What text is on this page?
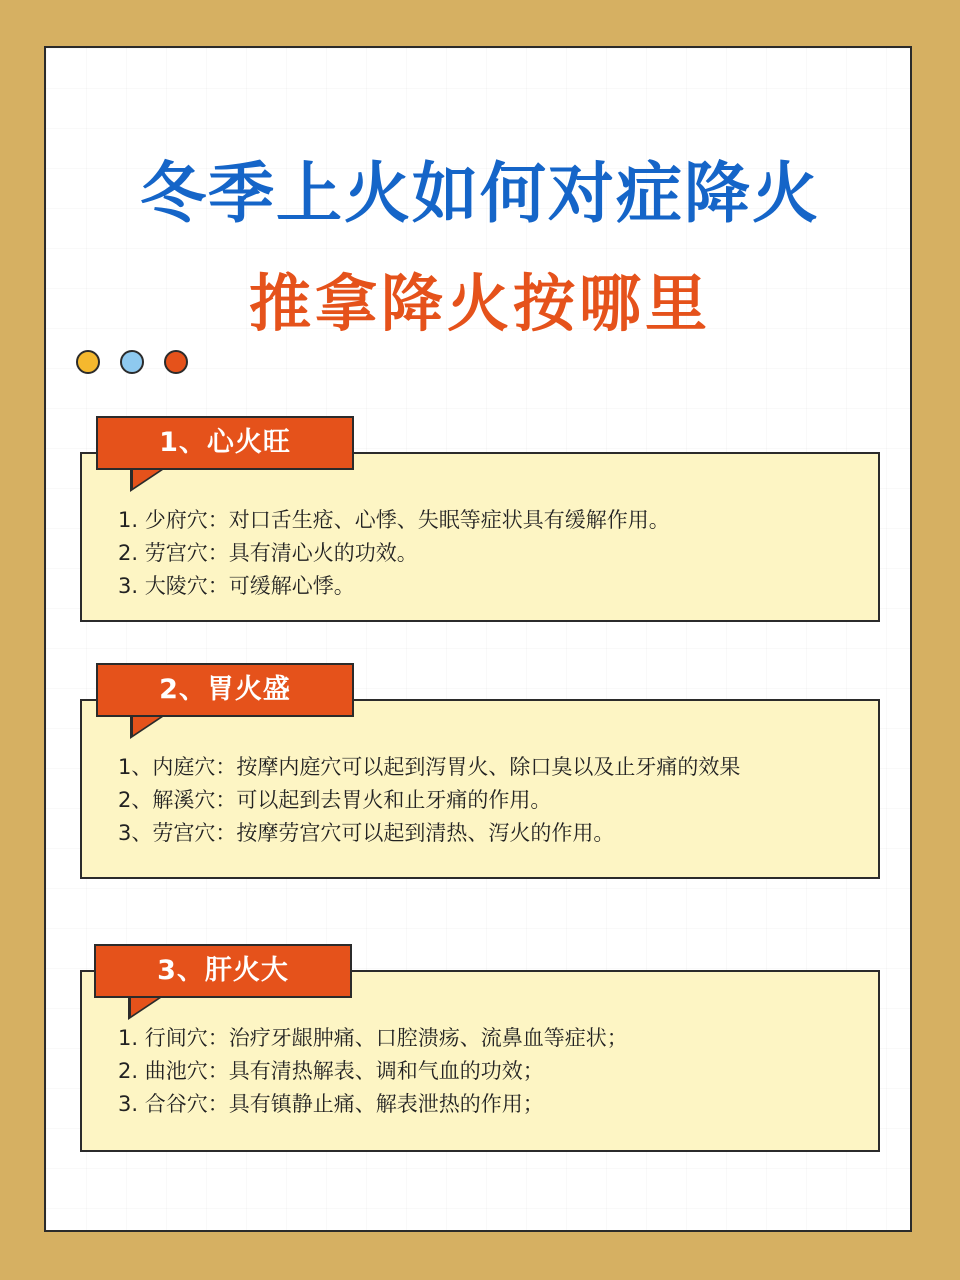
冬季上火如何对症降火
推拿降火按哪里
1. 少府穴：对口舌生疮、心悸、失眠等症状具有缓解作用。
2. 劳宫穴：具有清心火的功效。
3. 大陵穴：可缓解心悸。
1、心火旺
1、内庭穴：按摩内庭穴可以起到泻胃火、除口臭以及止牙痛的效果
2、解溪穴：可以起到去胃火和止牙痛的作用。
3、劳宫穴：按摩劳宫穴可以起到清热、泻火的作用。
2、胃火盛
1. 行间穴：治疗牙龈肿痛、口腔溃疡、流鼻血等症状；
2. 曲池穴：具有清热解表、调和气血的功效；
3. 合谷穴：具有镇静止痛、解表泄热的作用；
3、肝火大
